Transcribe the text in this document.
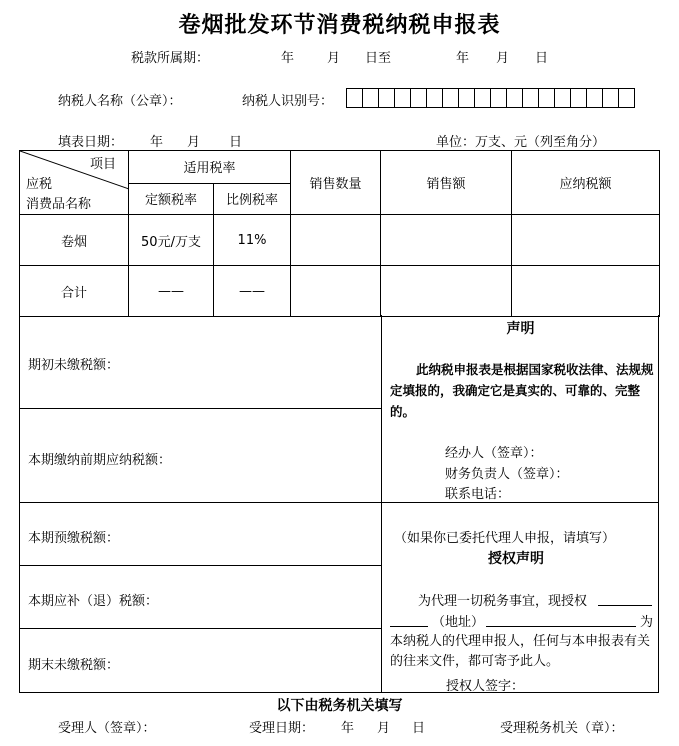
卷烟批发环节消费税纳税申报表
税款所属期：	年	月 日至	年 月 日
纳税人名称（公章）：	纳税人识别号：
填表日期： 年 月 日	单位：万支、元（列至角分）
项目
应税
消费品名称	适用税率		销售数量	销售额	应纳税额
	定额税率	比例税率			
卷烟	50元/万支	11%			
合计	——	——			
期初未缴税额：
本期缴纳前期应纳税额：
本期预缴税额：
本期应补（退）税额：
期末未缴税额：
声明
此纳税申报表是根据国家税收法律、法规规定填报的，我确定它是真实的、可靠的、完整的。
经办人（签章）：
财务负责人（签章）：
联系电话：
（如果你已委托代理人申报，请填写）
授权声明
为代理一切税务事宜，现授权
（地址）	为
本纳税人的代理申报人，任何与本申报表有关的往来文件，都可寄予此人。
授权人签字：
以下由税务机关填写
受理人（签章）：	受理日期： 年 月 日	受理税务机关（章）：
